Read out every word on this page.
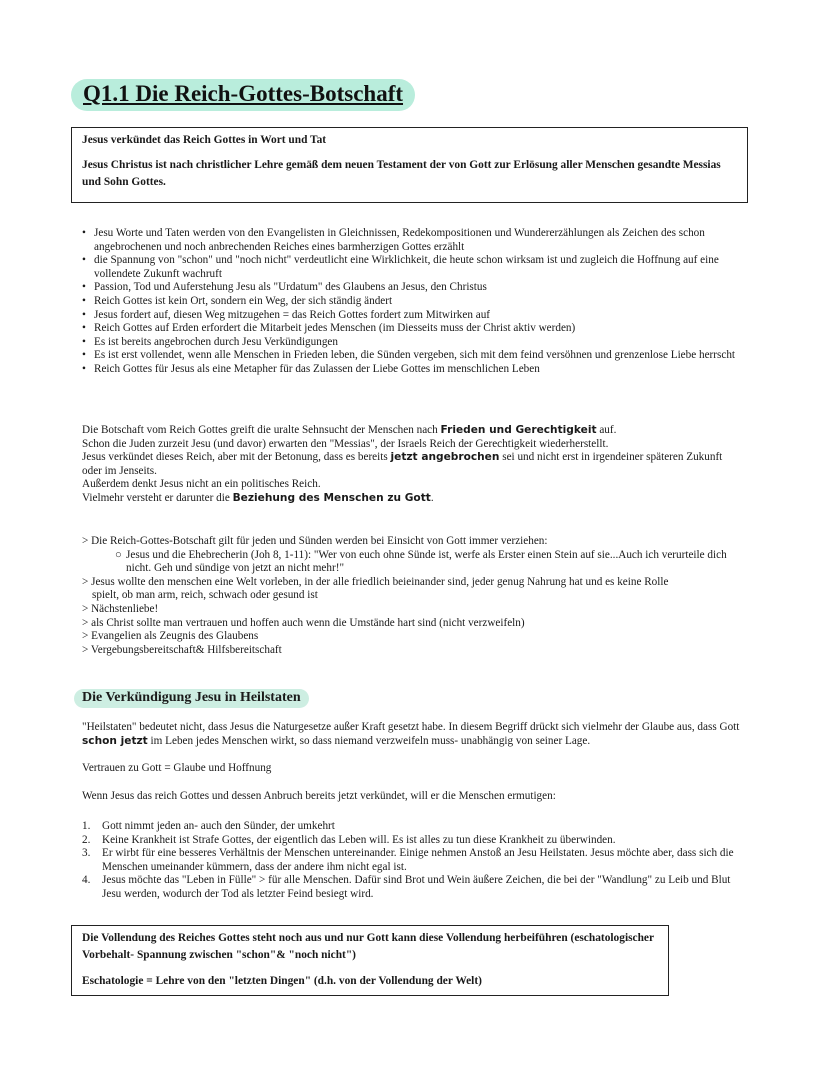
Q1.1 Die Reich-Gottes-Botschaft

Jesus verkündet das Reich Gottes in Wort und Tat

Jesus Christus ist nach christlicher Lehre gemäß dem neuen Testament der von Gott zur Erlösung aller Menschen gesandte Messias und Sohn Gottes.

• Jesu Worte und Taten werden von den Evangelisten in Gleichnissen, Redekompositionen und Wundererzählungen als Zeichen des schon angebrochenen und noch anbrechenden Reiches eines barmherzigen Gottes erzählt
• die Spannung von "schon" und "noch nicht" verdeutlicht eine Wirklichkeit, die heute schon wirksam ist und zugleich die Hoffnung auf eine vollendete Zukunft wachruft
• Passion, Tod und Auferstehung Jesu als "Urdatum" des Glaubens an Jesus, den Christus
• Reich Gottes ist kein Ort, sondern ein Weg, der sich ständig ändert
• Jesus fordert auf, diesen Weg mitzugehen = das Reich Gottes fordert zum Mitwirken auf
• Reich Gottes auf Erden erfordert die Mitarbeit jedes Menschen (im Diesseits muss der Christ aktiv werden)
• Es ist bereits angebrochen durch Jesu Verkündigungen
• Es ist erst vollendet, wenn alle Menschen in Frieden leben, die Sünden vergeben, sich mit dem feind versöhnen und grenzenlose Liebe herrscht
• Reich Gottes für Jesus als eine Metapher für das Zulassen der Liebe Gottes im menschlichen Leben

Die Botschaft vom Reich Gottes greift die uralte Sehnsucht der Menschen nach Frieden und Gerechtigkeit auf.

Schon die Juden zurzeit Jesu (und davor) erwarten den "Messias", der Israels Reich der Gerechtigkeit wiederherstellt.

Jesus verkündet dieses Reich, aber mit der Betonung, dass es bereits jetzt angebrochen sei und nicht erst in irgendeiner späteren Zukunft oder im Jenseits.

Außerdem denkt Jesus nicht an ein politisches Reich.

Vielmehr versteht er darunter die Beziehung des Menschen zu Gott.

> Die Reich-Gottes-Botschaft gilt für jeden und Sünden werden bei Einsicht von Gott immer verziehen:

○ Jesus und die Ehebrecherin (Joh 8, 1-11): "Wer von euch ohne Sünde ist, werfe als Erster einen Stein auf sie...Auch ich verurteile dich nicht. Geh und sündige von jetzt an nicht mehr!"

> Jesus wollte den menschen eine Welt vorleben, in der alle friedlich beieinander sind, jeder genug Nahrung hat und es keine Rolle

spielt, ob man arm, reich, schwach oder gesund ist

> Nächstenliebe!

> als Christ sollte man vertrauen und hoffen auch wenn die Umstände hart sind (nicht verzweifeln)

> Evangelien als Zeugnis des Glaubens

> Vergebungsbereitschaft& Hilfsbereitschaft

Die Verkündigung Jesu in Heilstaten

"Heilstaten" bedeutet nicht, dass Jesus die Naturgesetze außer Kraft gesetzt habe. In diesem Begriff drückt sich vielmehr der Glaube aus, dass Gott schon jetzt im Leben jedes Menschen wirkt, so dass niemand verzweifeln muss- unabhängig von seiner Lage.

Vertrauen zu Gott = Glaube und Hoffnung

Wenn Jesus das reich Gottes und dessen Anbruch bereits jetzt verkündet, will er die Menschen ermutigen:

1. Gott nimmt jeden an- auch den Sünder, der umkehrt
2. Keine Krankheit ist Strafe Gottes, der eigentlich das Leben will. Es ist alles zu tun diese Krankheit zu überwinden.
3. Er wirbt für eine besseres Verhältnis der Menschen untereinander. Einige nehmen Anstoß an Jesu Heilstaten. Jesus möchte aber, dass sich die Menschen umeinander kümmern, dass der andere ihm nicht egal ist.
4. Jesus möchte das "Leben in Fülle" > für alle Menschen. Dafür sind Brot und Wein äußere Zeichen, die bei der "Wandlung" zu Leib und Blut Jesu werden, wodurch der Tod als letzter Feind besiegt wird.

Die Vollendung des Reiches Gottes steht noch aus und nur Gott kann diese Vollendung herbeiführen (eschatologischer Vorbehalt- Spannung zwischen "schon"& "noch nicht")

Eschatologie = Lehre von den "letzten Dingen" (d.h. von der Vollendung der Welt)
